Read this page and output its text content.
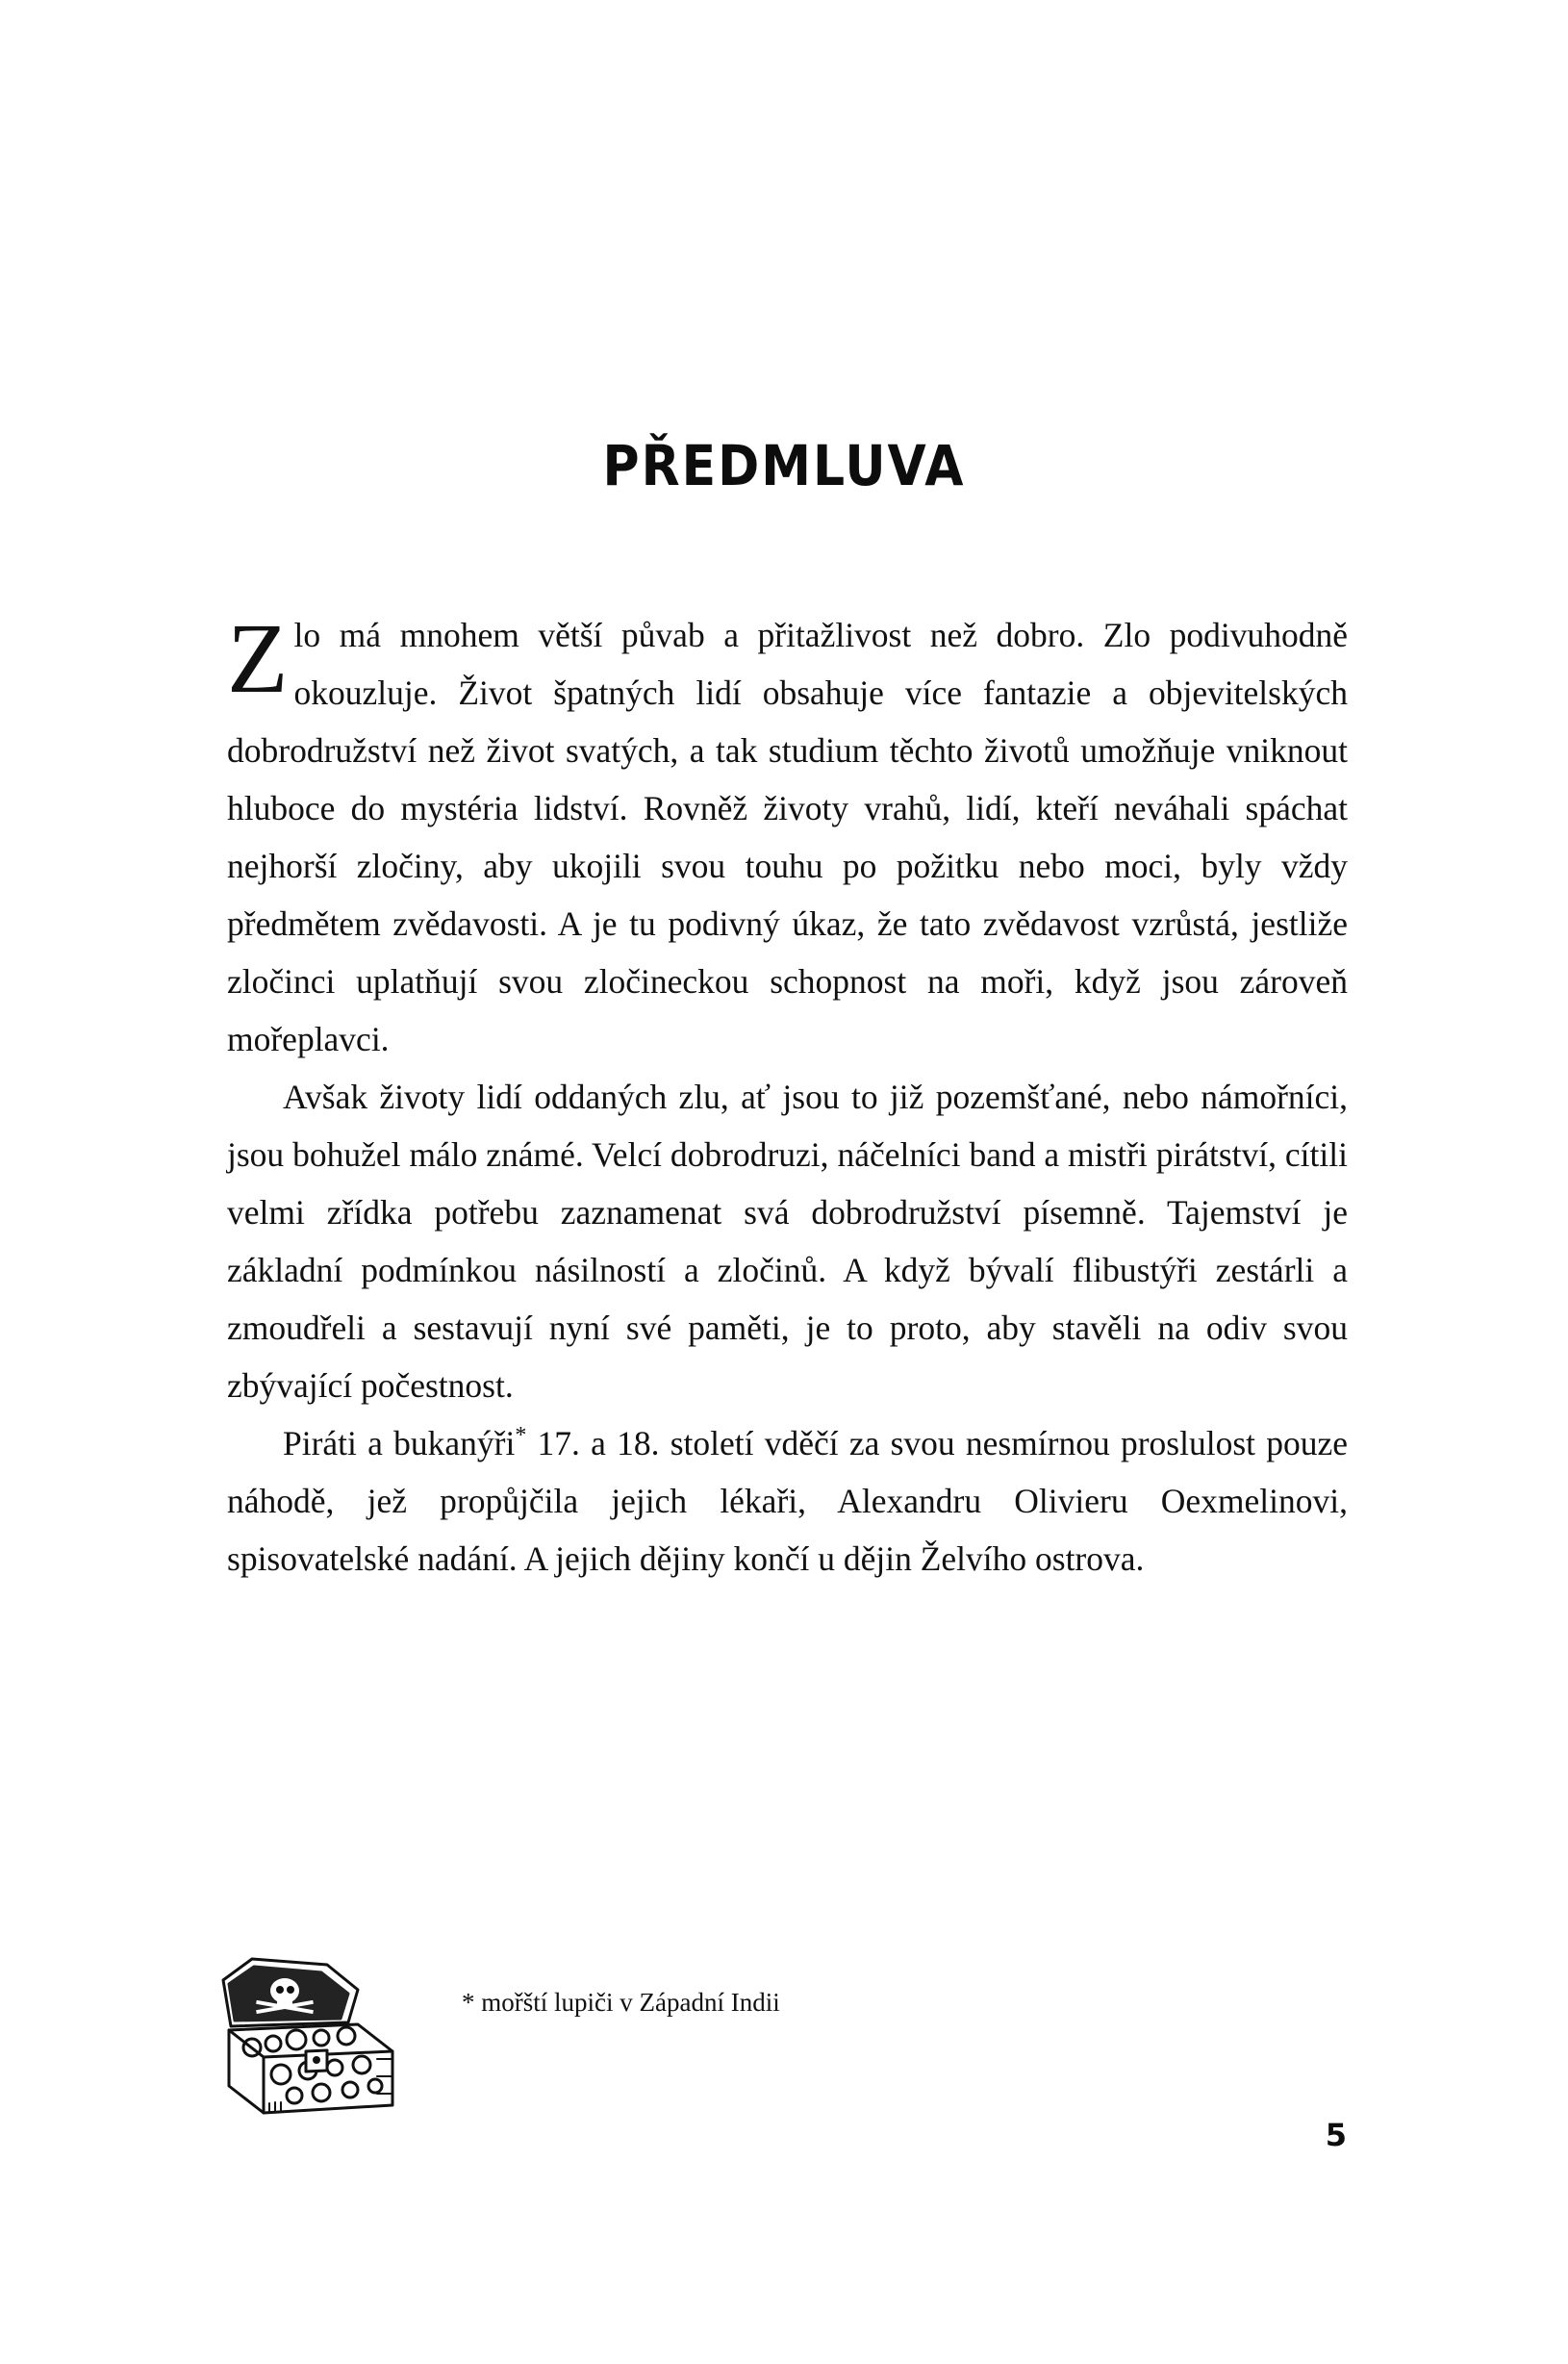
PŘEDMLUVA

Zlo má mnohem větší půvab a přitažlivost než dobro. Zlo podivuhodně okouzluje. Život špatných lidí obsahuje více fantazie a objevitelských dobrodružství než život svatých, a tak studium těchto životů umožňuje vniknout hluboce do mystéria lidství. Rovněž životy vrahů, lidí, kteří neváhali spáchat nejhorší zločiny, aby ukojili svou touhu po požitku nebo moci, byly vždy předmětem zvědavosti. A je tu podivný úkaz, že tato zvědavost vzrůstá, jestliže zločinci uplatňují svou zločineckou schopnost na moři, když jsou zároveň mořeplavci.

Avšak životy lidí oddaných zlu, ať jsou to již pozemšťané, nebo námořníci, jsou bohužel málo známé. Velcí dobrodruzi, náčelníci band a mistři pirátství, cítili velmi zřídka potřebu zaznamenat svá dobrodružství písemně. Tajemství je základní podmínkou násilností a zločinů. A když bývalí flibustýři zestárli a zmoudřeli a sestavují nyní své paměti, je to proto, aby stavěli na odiv svou zbývající počestnost.

Piráti a bukanýři* 17. a 18. století vděčí za svou nesmírnou proslulost pouze náhodě, jež propůjčila jejich lékaři, Alexandru Olivieru Oexmelinovi, spisovatelské nadání. A jejich dějiny končí u dějin Želvího ostrova.

* mořští lupiči v Západní Indii
5
